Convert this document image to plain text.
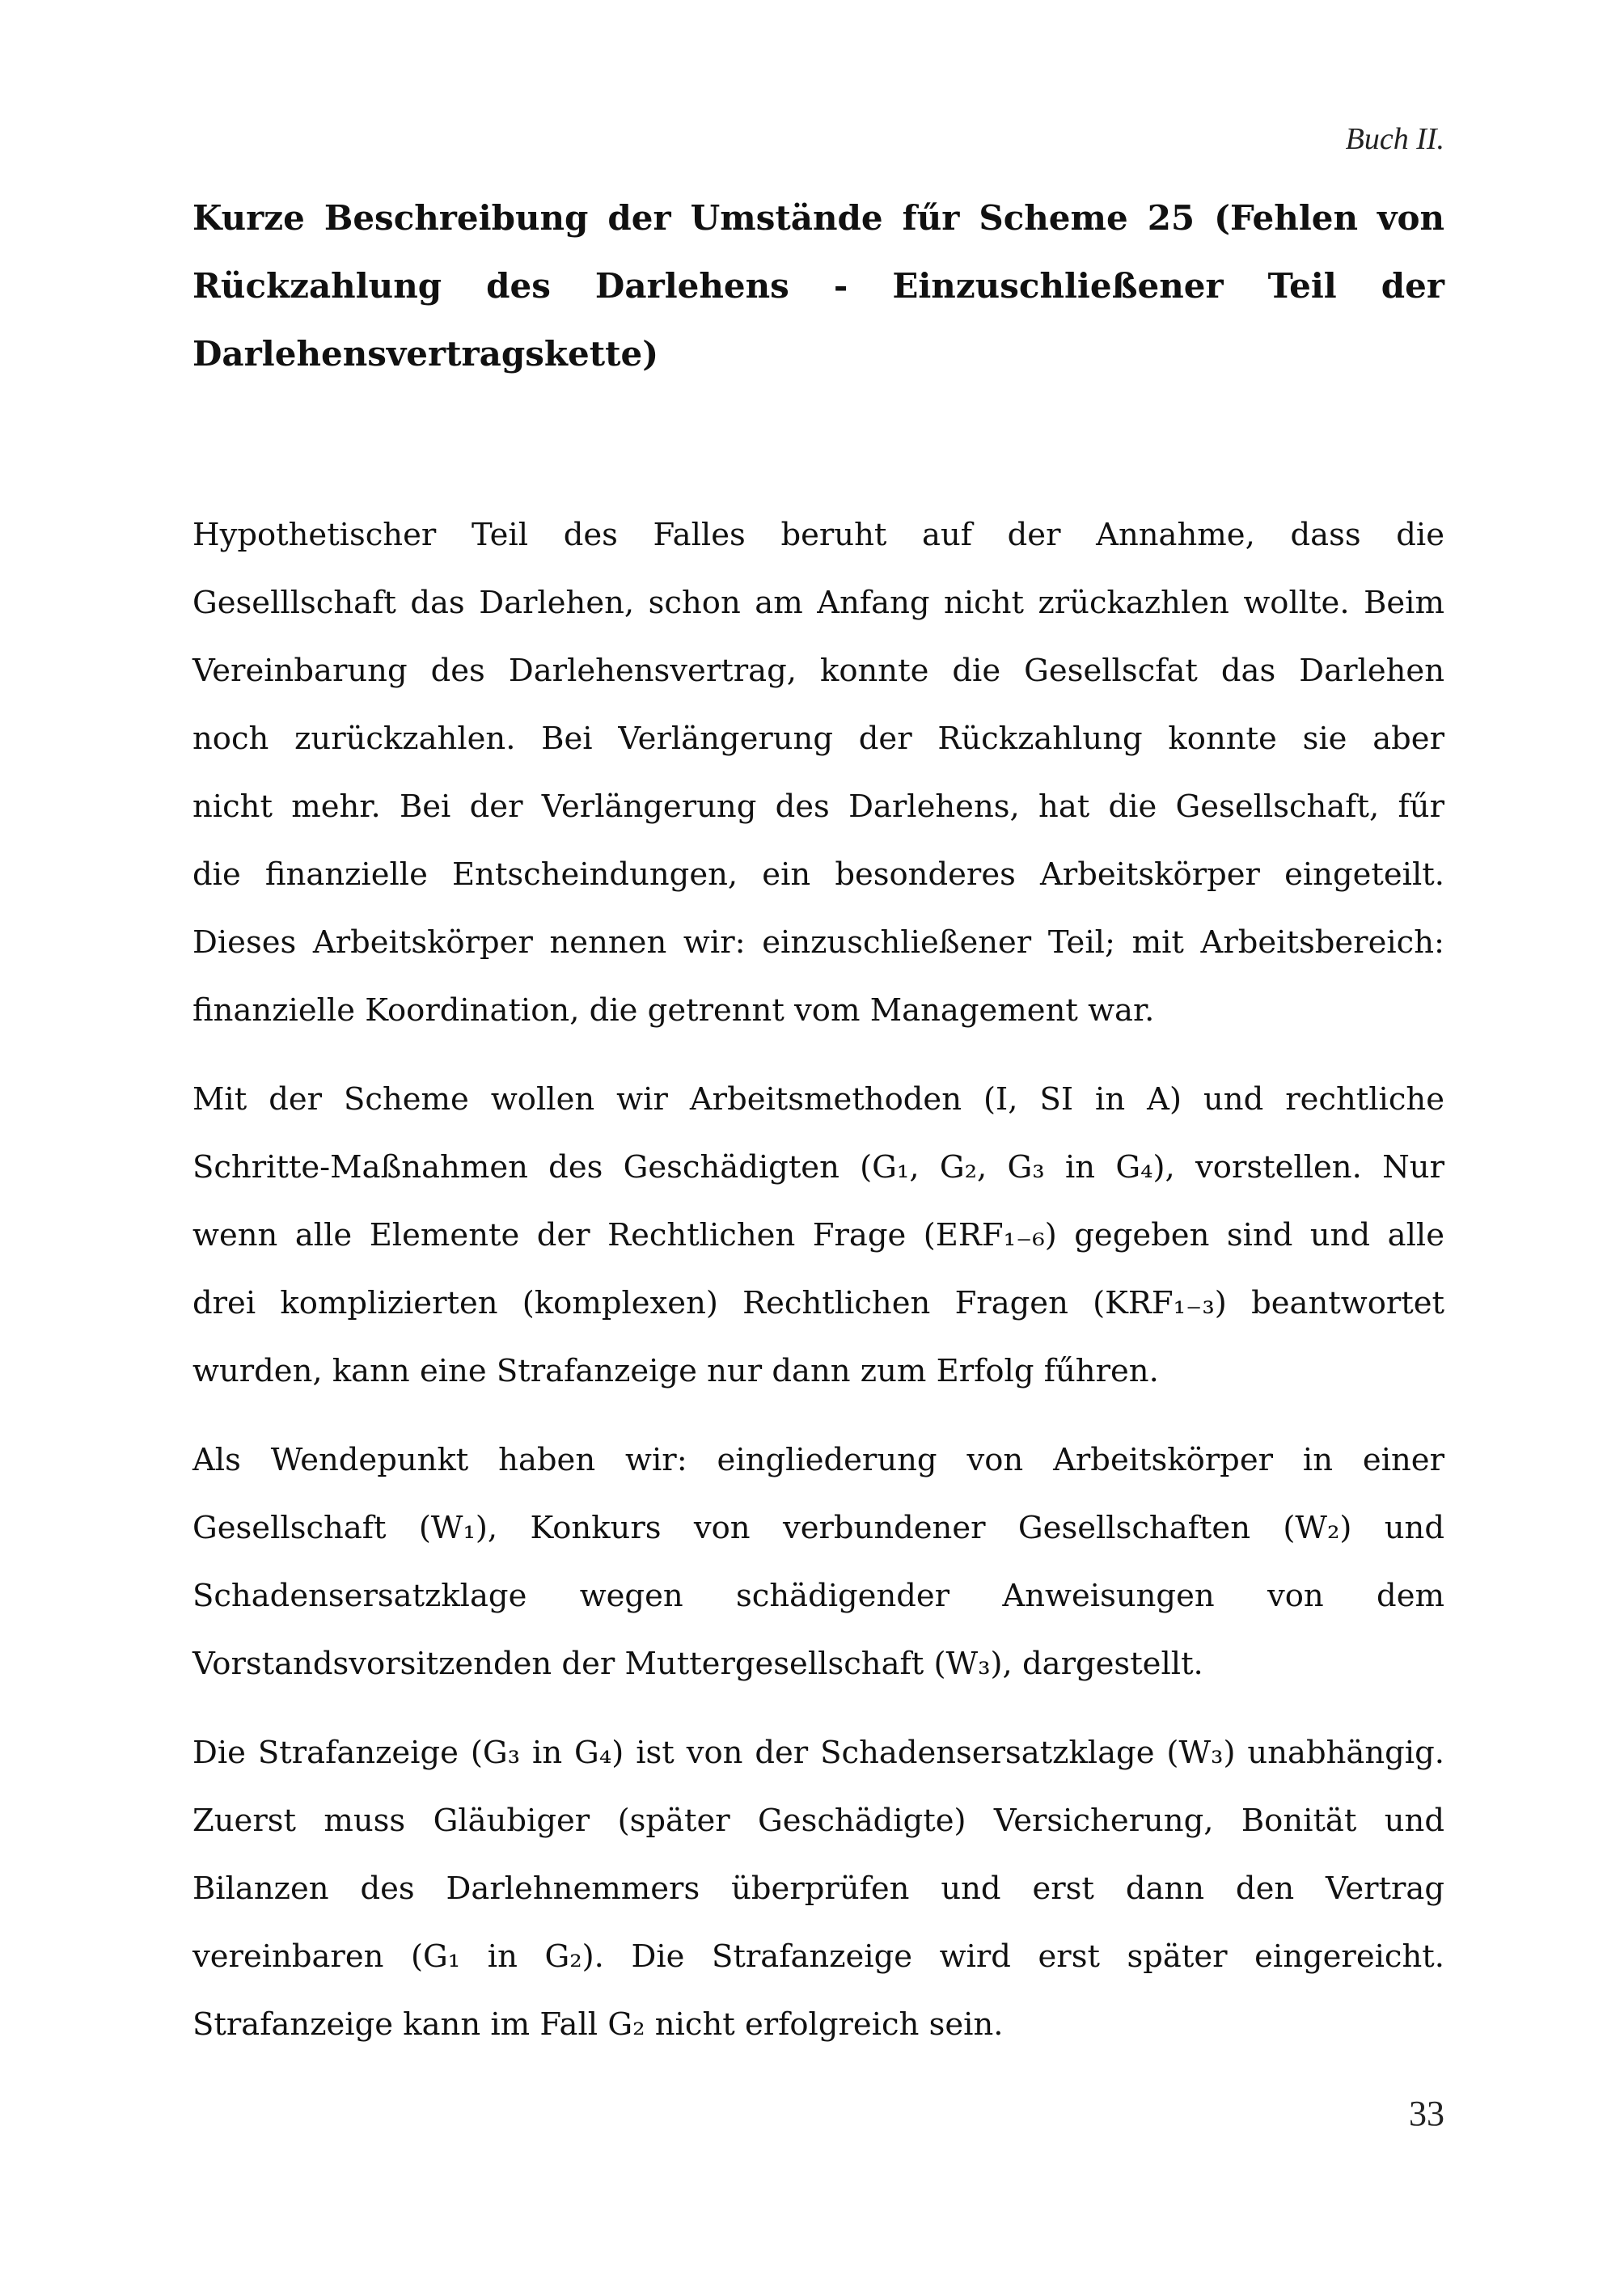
Buch II.
Kurze Beschreibung der Umstände fűr Scheme 25 (Fehlen von
Rückzahlung des Darlehens - Einzuschließener Teil der
Darlehensvertragskette)

Hypothetischer Teil des Falles beruht auf der Annahme, dass die
Geselllschaft das Darlehen, schon am Anfang nicht zrückazhlen wollte. Beim
Vereinbarung des Darlehensvertrag, konnte die Gesellscfat das Darlehen
noch zurückzahlen. Bei Verlängerung der Rückzahlung konnte sie aber
nicht mehr. Bei der Verlängerung des Darlehens, hat die Gesellschaft, fűr
die finanzielle Entscheindungen, ein besonderes Arbeitskörper eingeteilt.
Dieses Arbeitskörper nennen wir: einzuschließener Teil; mit Arbeitsbereich:
finanzielle Koordination, die getrennt vom Management war.

Mit der Scheme wollen wir Arbeitsmethoden (I, SI in A) und rechtliche
Schritte-Maßnahmen des Geschädigten (G₁, G₂, G₃ in G₄), vorstellen. Nur
wenn alle Elemente der Rechtlichen Frage (ERF₁₋₆) gegeben sind und alle
drei komplizierten (komplexen) Rechtlichen Fragen (KRF₁₋₃) beantwortet
wurden, kann eine Strafanzeige nur dann zum Erfolg fűhren.

Als Wendepunkt haben wir: eingliederung von Arbeitskörper in einer
Gesellschaft (W₁), Konkurs von verbundener Gesellschaften (W₂) und
Schadensersatzklage wegen schädigender Anweisungen von dem
Vorstandsvorsitzenden der Muttergesellschaft (W₃), dargestellt.

Die Strafanzeige (G₃ in G₄) ist von der Schadensersatzklage (W₃) unabhängig.
Zuerst muss Gläubiger (später Geschädigte) Versicherung, Bonität und
Bilanzen des Darlehnemmers überprüfen und erst dann den Vertrag
vereinbaren (G₁ in G₂). Die Strafanzeige wird erst später eingereicht.
Strafanzeige kann im Fall G₂ nicht erfolgreich sein.

33
